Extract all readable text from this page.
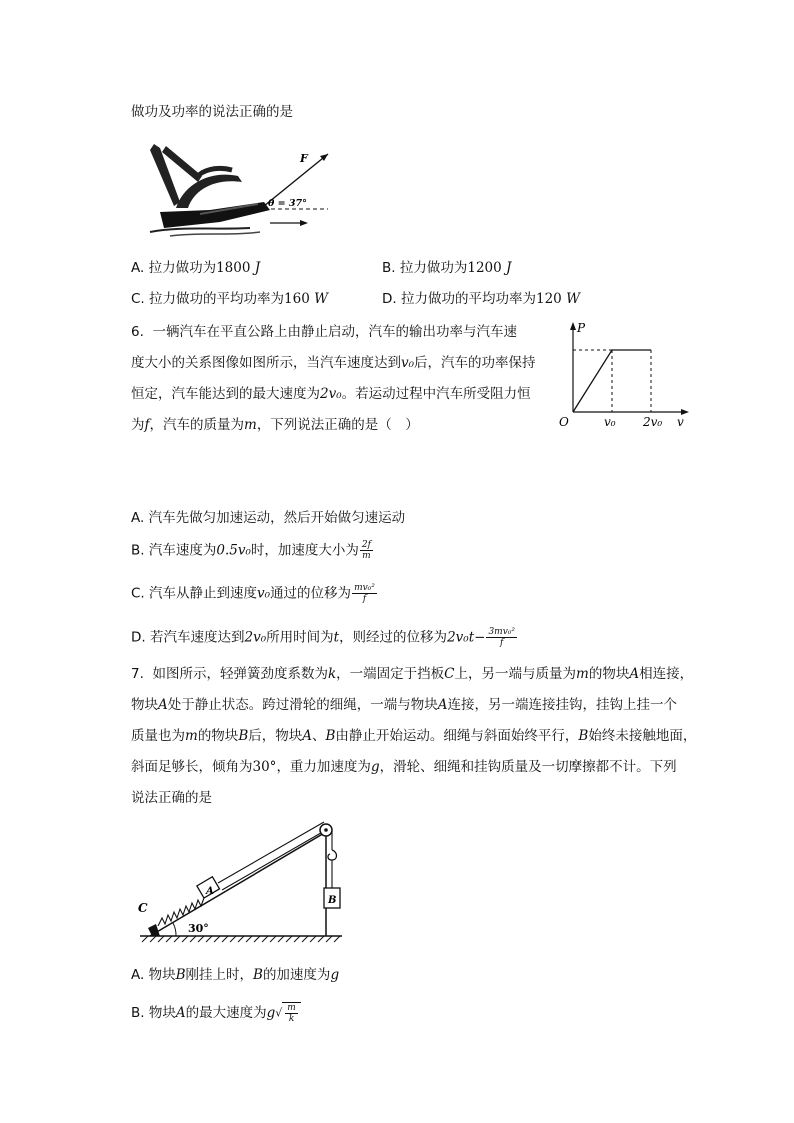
做功及功率的说法正确的是
F
θ = 37°
A. 拉力做功为1800 J	B. 拉力做功为1200 J
C. 拉力做功的平均功率为160 W	D. 拉力做功的平均功率为120 W
6. 一辆汽车在平直公路上由静止启动，汽车的输出功率与汽车速
度大小的关系图像如图所示，当汽车速度达到v₀后，汽车的功率保持
恒定，汽车能达到的最大速度为2v₀。若运动过程中汽车所受阻力恒
为f，汽车的质量为m，下列说法正确的是（　）
P
v
O	v₀ 2v₀
A. 汽车先做匀加速运动，然后开始做匀速运动
B. 汽车速度为0.5v₀时，加速度大小为 $\frac{2f}{m}$
C. 汽车从静止到速度v₀通过的位移为 $\frac{\text{mv₀²}}{f}$
D. 若汽车速度达到2v₀所用时间为t，则经过的位移为$2v_0t- \frac{\text{3mv₀²}}{f}$
7. 如图所示，轻弹簧劲度系数为k，一端固定于挡板C上，另一端与质量为m的物块A相连接，
物块A处于静止状态。跨过滑轮的细绳，一端与物块A连接，另一端连接挂钩，挂钩上挂一个
质量也为m的物块B后，物块A、B由静止开始运动。细绳与斜面始终平行，B始终未接触地面，
斜面足够长，倾角为30°，重力加速度为g，滑轮、细绳和挂钩质量及一切摩擦都不计。下列
说法正确的是
C
A
B
30°
A. 物块B刚挂上时，B的加速度为g
B. 物块A的最大速度为$g√ \frac{m}{k}$
